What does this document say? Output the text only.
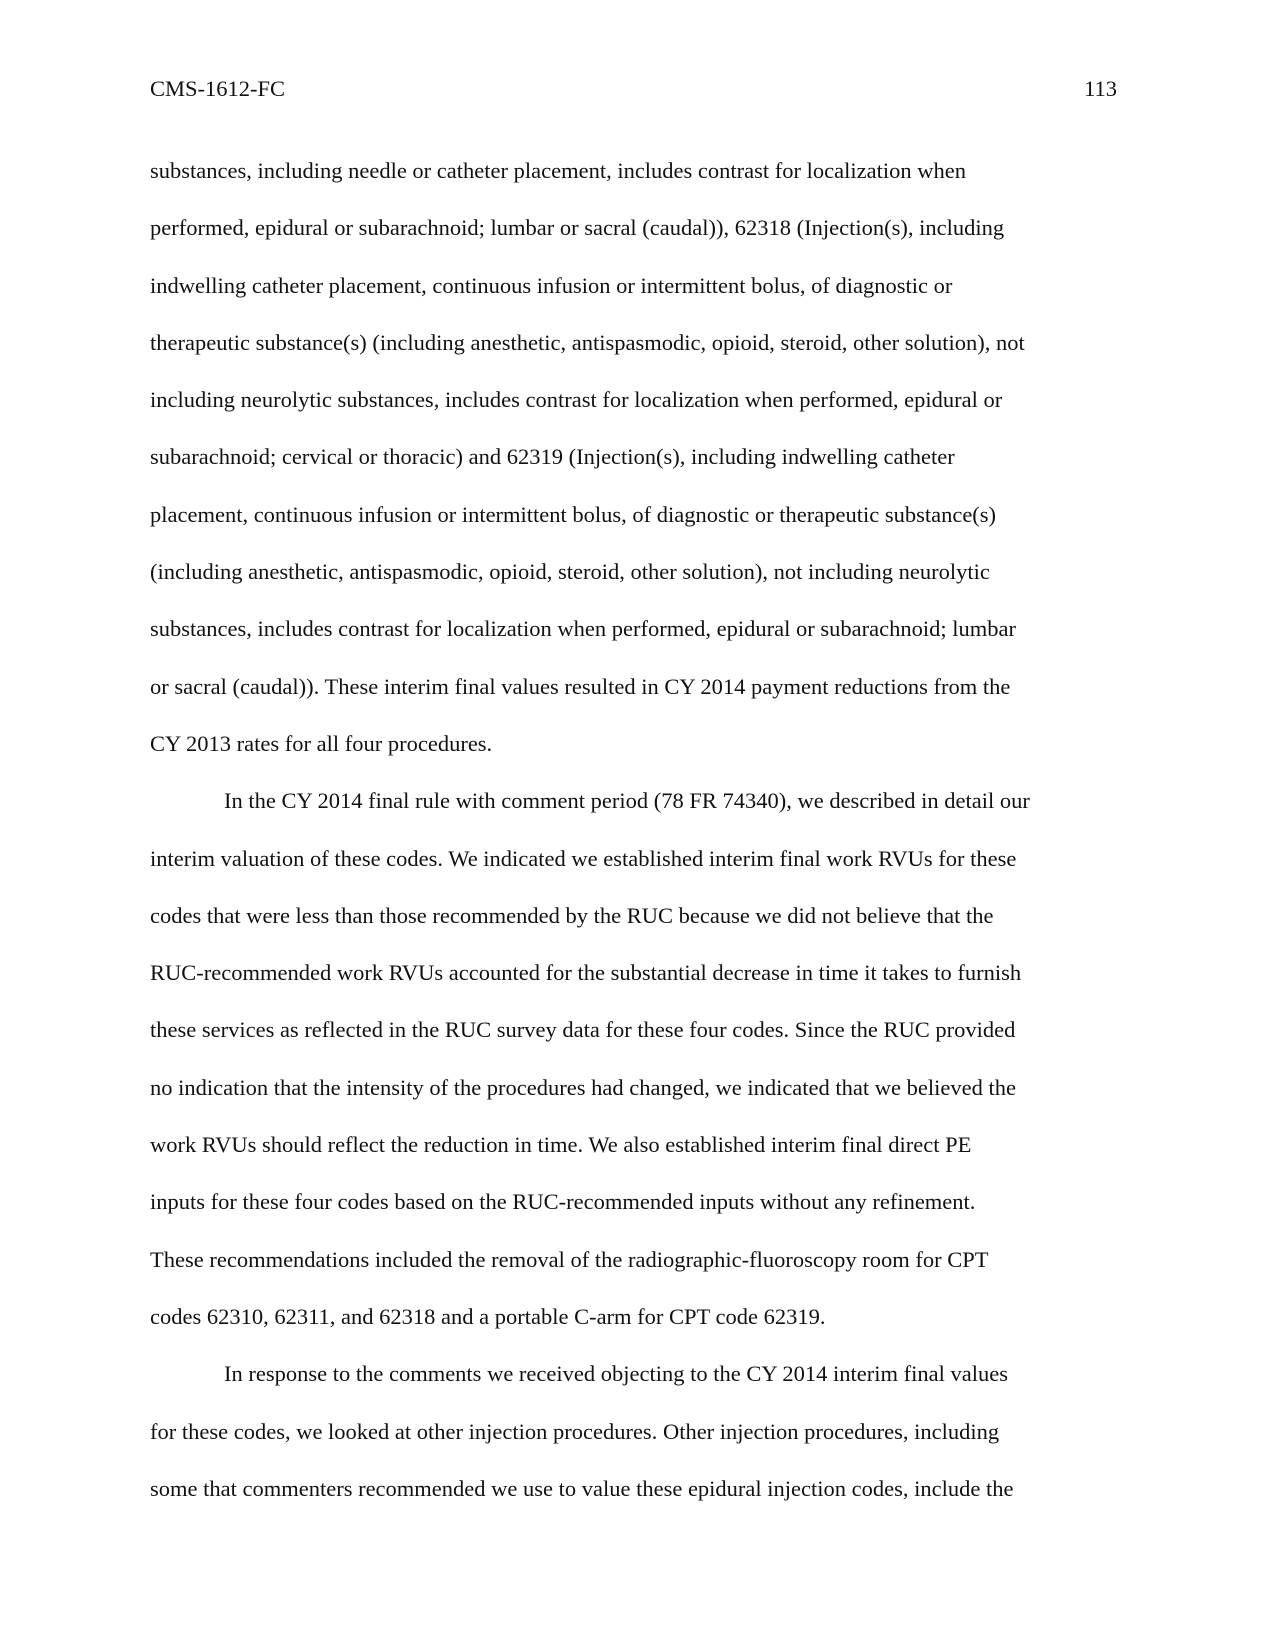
CMS-1612-FC	113
substances, including needle or catheter placement, includes contrast for localization when
performed, epidural or subarachnoid; lumbar or sacral (caudal)), 62318 (Injection(s), including
indwelling catheter placement, continuous infusion or intermittent bolus, of diagnostic or
therapeutic substance(s) (including anesthetic, antispasmodic, opioid, steroid, other solution), not
including neurolytic substances, includes contrast for localization when performed, epidural or
subarachnoid; cervical or thoracic) and 62319 (Injection(s), including indwelling catheter
placement, continuous infusion or intermittent bolus, of diagnostic or therapeutic substance(s)
(including anesthetic, antispasmodic, opioid, steroid, other solution), not including neurolytic
substances, includes contrast for localization when performed, epidural or subarachnoid; lumbar
or sacral (caudal)). These interim final values resulted in CY 2014 payment reductions from the
CY 2013 rates for all four procedures.
In the CY 2014 final rule with comment period (78 FR 74340), we described in detail our
interim valuation of these codes. We indicated we established interim final work RVUs for these
codes that were less than those recommended by the RUC because we did not believe that the
RUC-recommended work RVUs accounted for the substantial decrease in time it takes to furnish
these services as reflected in the RUC survey data for these four codes. Since the RUC provided
no indication that the intensity of the procedures had changed, we indicated that we believed the
work RVUs should reflect the reduction in time. We also established interim final direct PE
inputs for these four codes based on the RUC-recommended inputs without any refinement.
These recommendations included the removal of the radiographic-fluoroscopy room for CPT
codes 62310, 62311, and 62318 and a portable C-arm for CPT code 62319.
In response to the comments we received objecting to the CY 2014 interim final values
for these codes, we looked at other injection procedures. Other injection procedures, including
some that commenters recommended we use to value these epidural injection codes, include the
